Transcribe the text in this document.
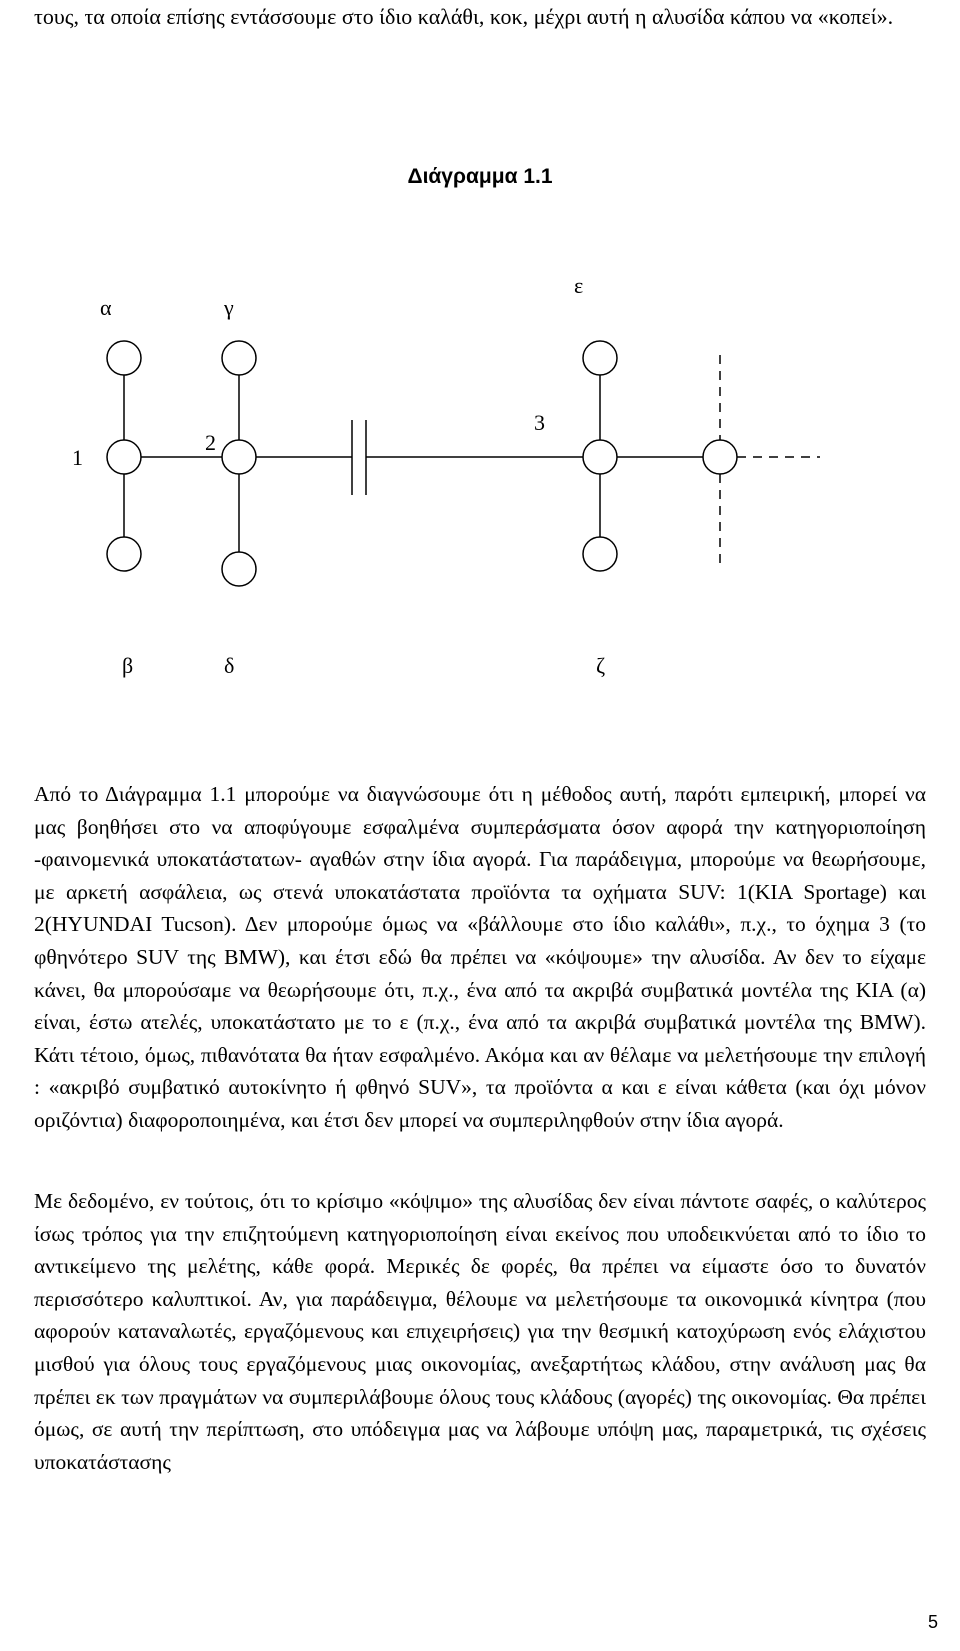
τους, τα οποία επίσης εντάσσουμε στο ίδιο καλάθι, κοκ, μέχρι αυτή η αλυσίδα κάπου να «κοπεί».

Διάγραμμα 1.1

α	γ
ε
1
2
3
β	δ	ζ

Από το Διάγραμμα 1.1 μπορούμε να διαγνώσουμε ότι η μέθοδος αυτή, παρότι εμπειρική, μπορεί να μας βοηθήσει στο να αποφύγουμε εσφαλμένα συμπεράσματα όσον αφορά την κατηγοριοποίηση -φαινομενικά υποκατάστατων- αγαθών στην ίδια αγορά. Για παράδειγμα, μπορούμε να θεωρήσουμε, με αρκετή ασφάλεια, ως στενά υποκατάστατα προϊόντα τα οχήματα SUV: 1(KIA Sportage) και 2(HYUNDAI Tucson). Δεν μπορούμε όμως να «βάλλουμε στο ίδιο καλάθι», π.χ., το όχημα 3 (το φθηνότερο SUV της BMW), και έτσι εδώ θα πρέπει να «κόψουμε» την αλυσίδα. Αν δεν το είχαμε κάνει, θα μπορούσαμε να θεωρήσουμε ότι, π.χ., ένα από τα ακριβά συμβατικά μοντέλα της KIA (α) είναι, έστω ατελές, υποκατάστατο με το ε (π.χ., ένα από τα ακριβά συμβατικά μοντέλα της BMW). Κάτι τέτοιο, όμως, πιθανότατα θα ήταν εσφαλμένο. Ακόμα και αν θέλαμε να μελετήσουμε την επιλογή : «ακριβό συμβατικό αυτοκίνητο ή φθηνό SUV», τα προϊόντα α και ε είναι κάθετα (και όχι μόνον οριζόντια) διαφοροποιημένα, και έτσι δεν μπορεί να συμπεριληφθούν στην ίδια αγορά.

Με δεδομένο, εν τούτοις, ότι το κρίσιμο «κόψιμο» της αλυσίδας δεν είναι πάντοτε σαφές, ο καλύτερος ίσως τρόπος για την επιζητούμενη κατηγοριοποίηση είναι εκείνος που υποδεικνύεται από το ίδιο το αντικείμενο της μελέτης, κάθε φορά. Μερικές δε φορές, θα πρέπει να είμαστε όσο το δυνατόν περισσότερο καλυπτικοί. Αν, για παράδειγμα, θέλουμε να μελετήσουμε τα οικονομικά κίνητρα (που αφορούν καταναλωτές, εργαζόμενους και επιχειρήσεις) για την θεσμική κατοχύρωση ενός ελάχιστου μισθού για όλους τους εργαζόμενους μιας οικονομίας, ανεξαρτήτως κλάδου, στην ανάλυση μας θα πρέπει εκ των πραγμάτων να συμπεριλάβουμε όλους τους κλάδους (αγορές) της οικονομίας. Θα πρέπει όμως, σε αυτή την περίπτωση, στο υπόδειγμα μας να λάβουμε υπόψη μας, παραμετρικά, τις σχέσεις υποκατάστασης

5
